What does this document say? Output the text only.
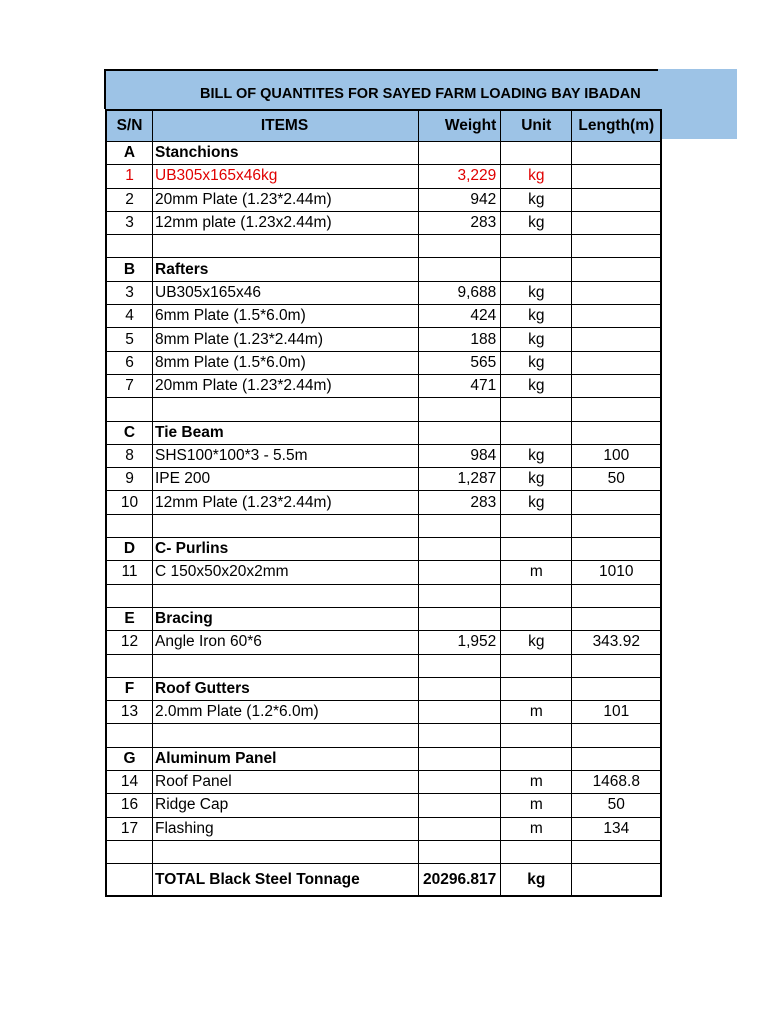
BILL OF QUANTITES FOR SAYED FARM LOADING BAY IBADAN
S/N	ITEMS	Weight	Unit	Length(m)
A	Stanchions			
1	UB305x165x46kg	3,229	kg	
2	20mm Plate (1.23*2.44m)	942	kg	
3	12mm plate (1.23x2.44m)	283	kg	

B	Rafters			
3	UB305x165x46	9,688	kg	
4	6mm Plate (1.5*6.0m)	424	kg	
5	8mm Plate (1.23*2.44m)	188	kg	
6	8mm Plate (1.5*6.0m)	565	kg	
7	20mm Plate (1.23*2.44m)	471	kg	

C	Tie Beam			
8	SHS100*100*3 - 5.5m	984	kg	100
9	IPE 200	1,287	kg	50
10	12mm Plate (1.23*2.44m)	283	kg	

D	C- Purlins			
11	C 150x50x20x2mm		m	1010

E	Bracing			
12	Angle Iron 60*6	1,952	kg	343.92

F	Roof Gutters			
13	2.0mm Plate (1.2*6.0m)		m	101

G	Aluminum Panel			
14	Roof Panel		m	1468.8
16	Ridge Cap		m	50
17	Flashing		m	134

	TOTAL Black Steel Tonnage	20296.817	kg	
